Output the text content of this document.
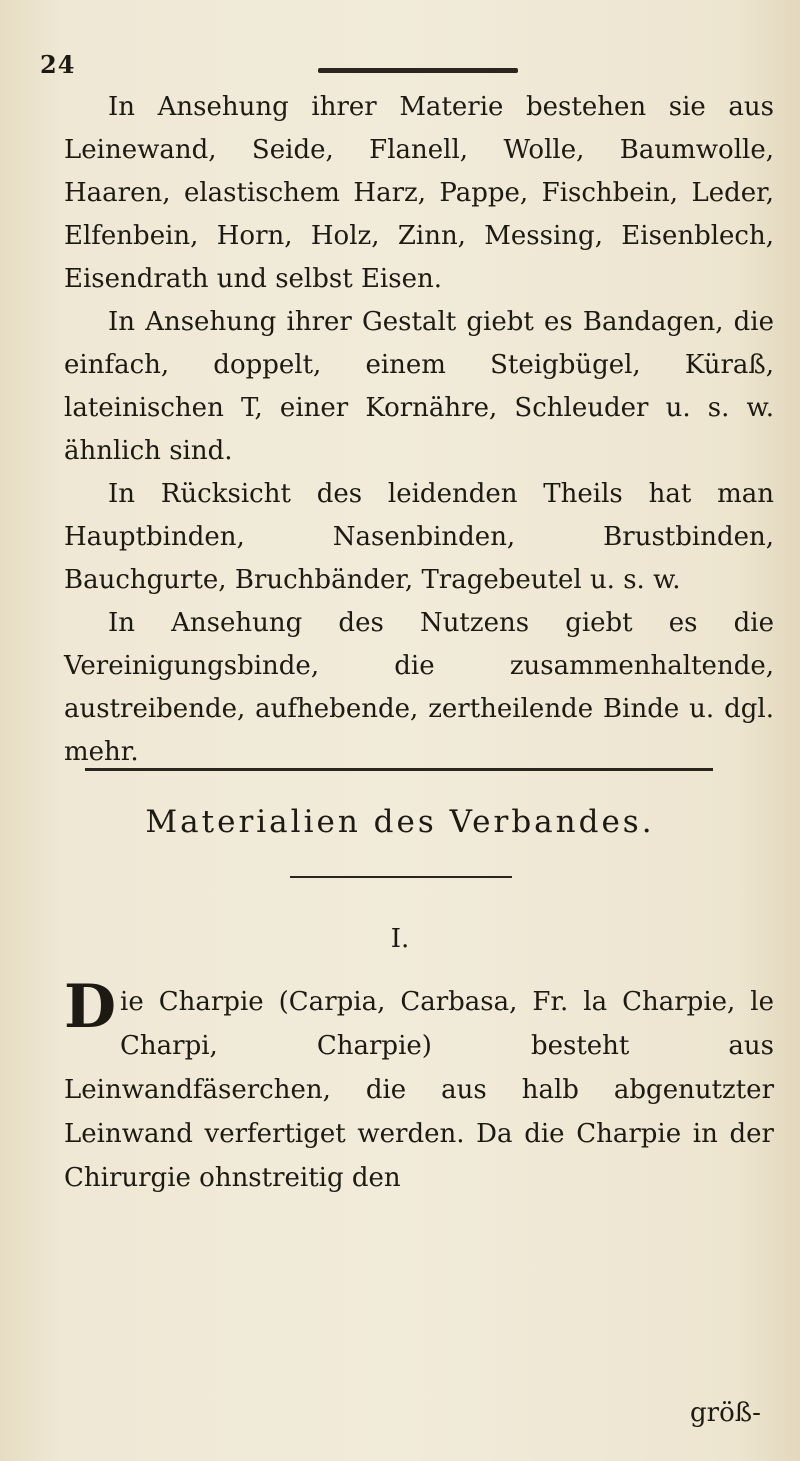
24

In Ansehung ihrer Materie bestehen sie aus Leinewand, Seide, Flanell, Wolle, Baumwolle, Haaren, elastischem Harz, Pappe, Fischbein, Leder, Elfenbein, Horn, Holz, Zinn, Messing, Eisenblech, Eisendrath und selbst Eisen.

In Ansehung ihrer Gestalt giebt es Bandagen, die einfach, doppelt, einem Steigbügel, Küraß, lateinischen T, einer Kornähre, Schleuder u. s. w. ähnlich sind.

In Rücksicht des leidenden Theils hat man Hauptbinden, Nasenbinden, Brustbinden, Bauchgurte, Bruchbänder, Tragebeutel u. s. w.

In Ansehung des Nutzens giebt es die Vereinigungsbinde, die zusammenhaltende, austreibende, aufhebende, zertheilende Binde u. dgl. mehr.

Materialien des Verbandes.
I.
Die Charpie (Carpia, Carbasa, Fr. la Charpie, le Charpi, Charpie) besteht aus Leinwandfäserchen, die aus halb abgenutzter Leinwand verfertiget werden. Da die Charpie in der Chirurgie ohnstreitig den
größ-
